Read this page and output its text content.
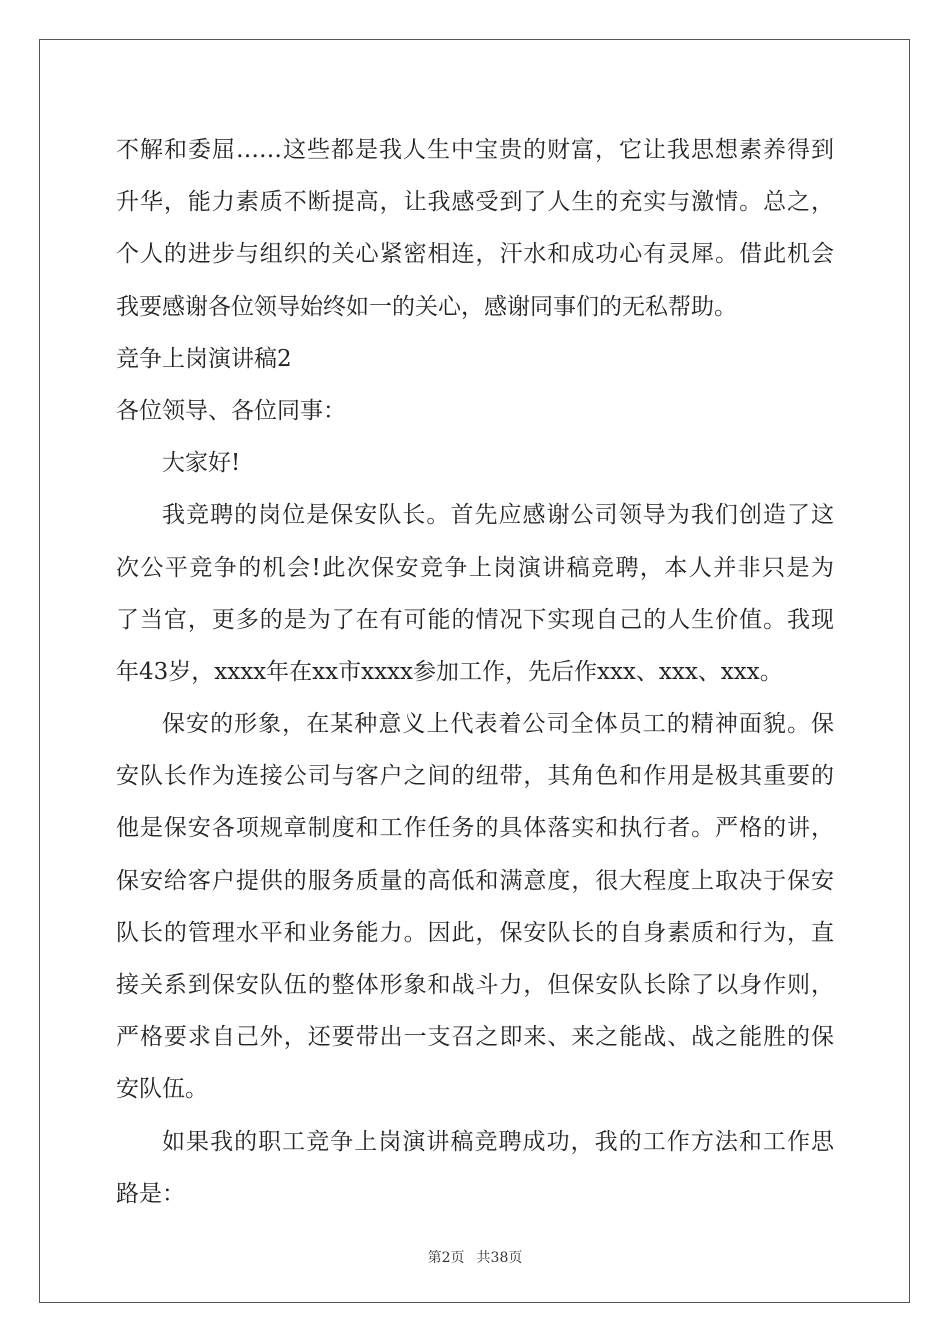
不解和委屈……这些都是我人生中宝贵的财富，它让我思想素养得到
升华，能力素质不断提高，让我感受到了人生的充实与激情。总之，
个人的进步与组织的关心紧密相连，汗水和成功心有灵犀。借此机会
我要感谢各位领导始终如一的关心，感谢同事们的无私帮助。
竞争上岗演讲稿2
各位领导、各位同事：
大家好!
我竞聘的岗位是保安队长。首先应感谢公司领导为我们创造了这
次公平竞争的机会!此次保安竞争上岗演讲稿竞聘，本人并非只是为
了当官，更多的是为了在有可能的情况下实现自己的人生价值。我现
年43岁，xxxx年在xx市xxxx参加工作，先后作xxx、xxx、xxx。
保安的形象，在某种意义上代表着公司全体员工的精神面貌。保
安队长作为连接公司与客户之间的纽带，其角色和作用是极其重要的
他是保安各项规章制度和工作任务的具体落实和执行者。严格的讲，
保安给客户提供的服务质量的高低和满意度，很大程度上取决于保安
队长的管理水平和业务能力。因此，保安队长的自身素质和行为，直
接关系到保安队伍的整体形象和战斗力，但保安队长除了以身作则，
严格要求自己外，还要带出一支召之即来、来之能战、战之能胜的保
安队伍。
如果我的职工竞争上岗演讲稿竞聘成功，我的工作方法和工作思
路是：
第2页 共38页
